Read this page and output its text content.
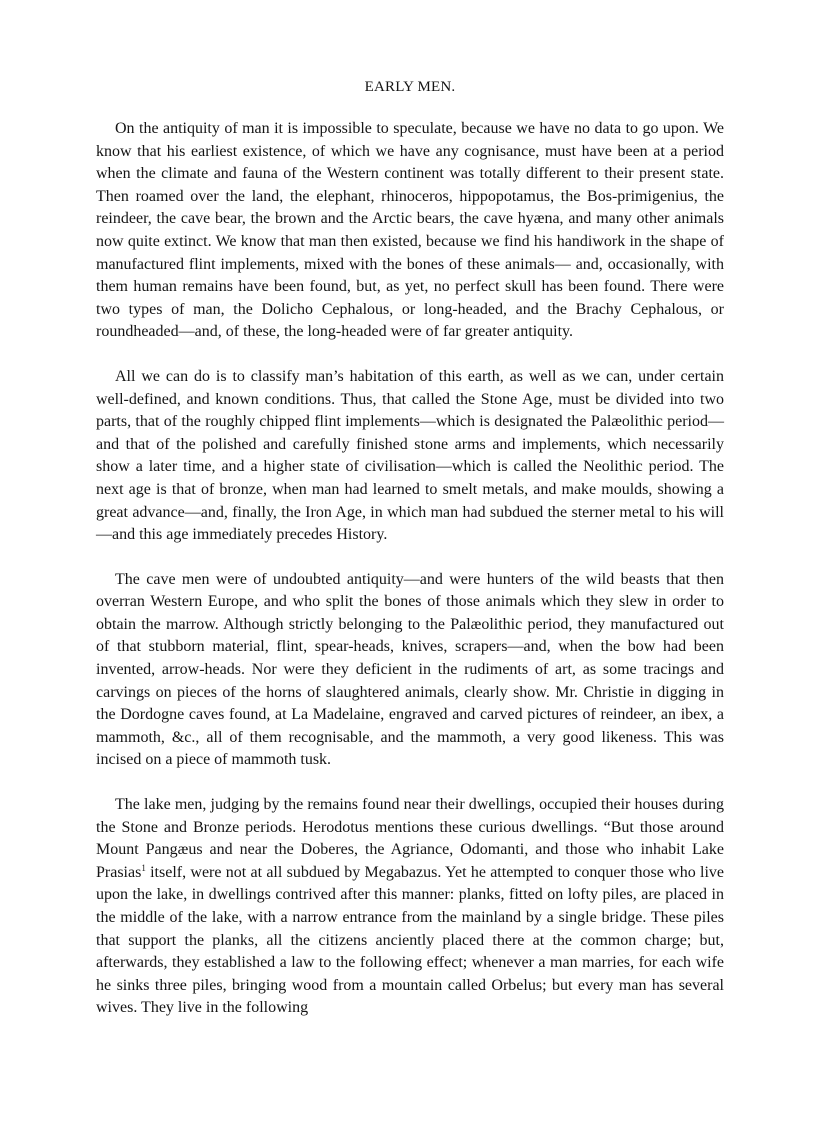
EARLY MEN.

On the antiquity of man it is impossible to speculate, because we have no data to go upon. We know that his earliest existence, of which we have any cognisance, must have been at a period when the climate and fauna of the Western continent was totally different to their present state. Then roamed over the land, the elephant, rhinoceros, hippopotamus, the Bos-primigenius, the reindeer, the cave bear, the brown and the Arctic bears, the cave hyæna, and many other animals now quite extinct. We know that man then existed, because we find his handiwork in the shape of manufactured flint implements, mixed with the bones of these animals— and, occasionally, with them human remains have been found, but, as yet, no perfect skull has been found. There were two types of man, the Dolicho Cephalous, or long-headed, and the Brachy Cephalous, or roundheaded—and, of these, the long-headed were of far greater antiquity.

All we can do is to classify man’s habitation of this earth, as well as we can, under certain well-defined, and known conditions. Thus, that called the Stone Age, must be divided into two parts, that of the roughly chipped flint implements—which is designated the Palæolithic period—and that of the polished and carefully finished stone arms and implements, which necessarily show a later time, and a higher state of civilisation—which is called the Neolithic period. The next age is that of bronze, when man had learned to smelt metals, and make moulds, showing a great advance—and, finally, the Iron Age, in which man had subdued the sterner metal to his will—and this age immediately precedes History.

The cave men were of undoubted antiquity—and were hunters of the wild beasts that then overran Western Europe, and who split the bones of those animals which they slew in order to obtain the marrow. Although strictly belonging to the Palæolithic period, they manufactured out of that stubborn material, flint, spear-heads, knives, scrapers—and, when the bow had been invented, arrow-heads. Nor were they deficient in the rudiments of art, as some tracings and carvings on pieces of the horns of slaughtered animals, clearly show. Mr. Christie in digging in the Dordogne caves found, at La Madelaine, engraved and carved pictures of reindeer, an ibex, a mammoth, &c., all of them recognisable, and the mammoth, a very good likeness. This was incised on a piece of mammoth tusk.

The lake men, judging by the remains found near their dwellings, occupied their houses during the Stone and Bronze periods. Herodotus mentions these curious dwellings. “But those around Mount Pangæus and near the Doberes, the Agriance, Odomanti, and those who inhabit Lake Prasias$^1$ itself, were not at all subdued by Megabazus. Yet he attempted to conquer those who live upon the lake, in dwellings contrived after this manner: planks, fitted on lofty piles, are placed in the middle of the lake, with a narrow entrance from the mainland by a single bridge. These piles that support the planks, all the citizens anciently placed there at the common charge; but, afterwards, they established a law to the following effect; whenever a man marries, for each wife he sinks three piles, bringing wood from a mountain called Orbelus; but every man has several wives. They live in the following
